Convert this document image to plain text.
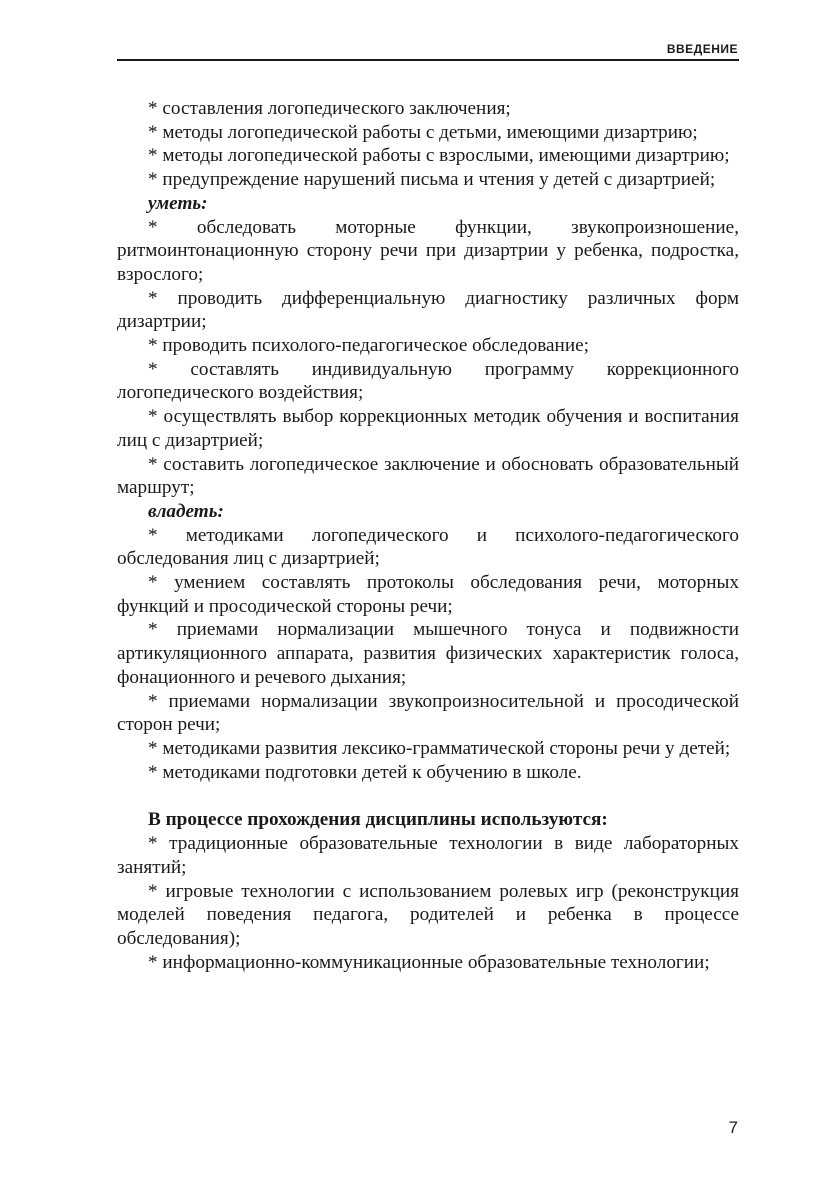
ВВЕДЕНИЕ

* составления логопедического заключения;

* методы логопедической работы с детьми, имеющими дизартрию;

* методы логопедической работы с взрослыми, имеющими дизартрию;

* предупреждение нарушений письма и чтения у детей с дизартрией;

уметь:

* обследовать моторные функции, звукопроизношение, ритмоинтонационную сторону речи при дизартрии у ребенка, подростка, взрослого;

* проводить дифференциальную диагностику различных форм дизартрии;

* проводить психолого-педагогическое обследование;

* составлять индивидуальную программу коррекционного логопедического воздействия;

* осуществлять выбор коррекционных методик обучения и воспитания лиц с дизартрией;

* составить логопедическое заключение и обосновать образовательный маршрут;

владеть:

* методиками логопедического и психолого-педагогического обследования лиц с дизартрией;

* умением составлять протоколы обследования речи, моторных функций и просодической стороны речи;

* приемами нормализации мышечного тонуса и подвижности артикуляционного аппарата, развития физических характеристик голоса, фонационного и речевого дыхания;

* приемами нормализации звукопроизносительной и просодической сторон речи;

* методиками развития лексико-грамматической стороны речи у детей;

* методиками подготовки детей к обучению в школе.

В процессе прохождения дисциплины используются:

* традиционные образовательные технологии в виде лабораторных занятий;

* игровые технологии с использованием ролевых игр (реконструкция моделей поведения педагога, родителей и ребенка в процессе обследования);

* информационно-коммуникационные образовательные технологии;

7
